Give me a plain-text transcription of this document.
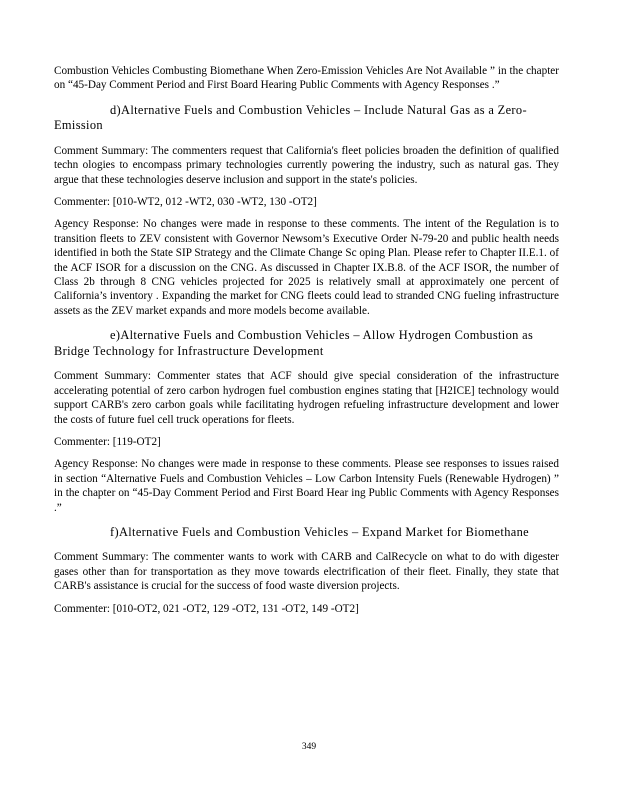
Combustion Vehicles Combusting Biomethane When Zero-Emission Vehicles Are Not Available ” in the chapter on “45-Day Comment Period and First Board Hearing Public Comments with Agency Responses .”

d)Alternative Fuels and Combustion Vehicles – Include Natural Gas as a Zero-Emission

Comment Summary: The commenters request that California's fleet policies broaden the definition of qualified techn ologies to encompass primary technologies currently powering the industry, such as natural gas. They argue that these technologies deserve inclusion and support in the state's policies.

Commenter: [010-WT2, 012 -WT2, 030 -WT2, 130 -OT2]

Agency Response: No changes were made in response to these comments. The intent of the Regulation is to transition fleets to ZEV consistent with Governor Newsom’s Executive Order N-79-20 and public health needs identified in both the State SIP Strategy and the Climate Change Sc oping Plan. Please refer to Chapter II.E.1. of the ACF ISOR for a discussion on the CNG. As discussed in Chapter IX.B.8. of the ACF ISOR, the number of Class 2b through 8 CNG vehicles projected for 2025 is relatively small at approximately one percent of California’s inventory . Expanding the market for CNG fleets could lead to stranded CNG fueling infrastructure assets as the ZEV market expands and more models become available.

e)Alternative Fuels and Combustion Vehicles – Allow Hydrogen Combustion as Bridge Technology for Infrastructure Development

Comment Summary: Commenter states that ACF should give special consideration of the infrastructure accelerating potential of zero carbon hydrogen fuel combustion engines stating that [H2ICE] technology would support CARB's zero carbon goals while facilitating hydrogen refueling infrastructure development and lower the costs of future fuel cell truck operations for fleets.

Commenter: [119-OT2]

Agency Response: No changes were made in response to these comments. Please see responses to issues raised in section “Alternative Fuels and Combustion Vehicles – Low Carbon Intensity Fuels (Renewable Hydrogen) ” in the chapter on “45-Day Comment Period and First Board Hear ing Public Comments with Agency Responses .”

f)Alternative Fuels and Combustion Vehicles – Expand Market for Biomethane

Comment Summary: The commenter wants to work with CARB and CalRecycle on what to do with digester gases other than for transportation as they move towards electrification of their fleet. Finally, they state that CARB's assistance is crucial for the success of food waste diversion projects.

Commenter: [010-OT2, 021 -OT2, 129 -OT2, 131 -OT2, 149 -OT2]

349
